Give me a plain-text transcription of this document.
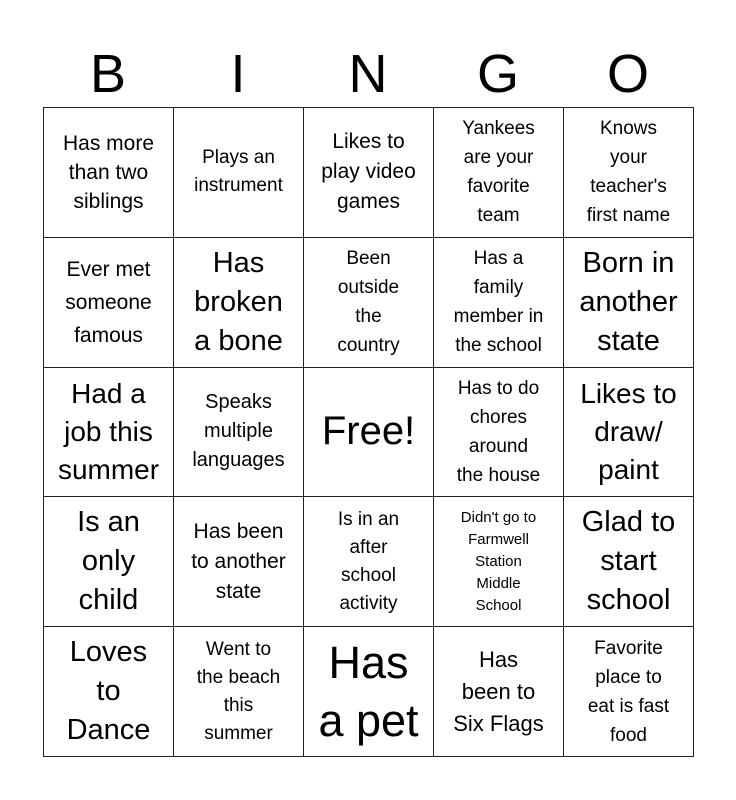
B	I	N	G	O
Has more
than two
siblings	Plays an
instrument	Likes to
play video
games	Yankees
are your
favorite
team	Knows
your
teacher's
first name

Ever met
someone
famous	Has
broken
a bone	Been
outside
the
country	Has a
family
member in
the school	Born in
another
state

Had a
job this
summer	Speaks
multiple
languages	Free!	Has to do
chores
around
the house	Likes to
draw/
paint

Is an
only
child	Has been
to another
state	Is in an
after
school
activity	Didn't go to
Farmwell
Station
Middle
School	Glad to
start
school

Loves
to
Dance	Went to
the beach
this
summer	Has
a pet	Has
been to
Six Flags	Favorite
place to
eat is fast
food
